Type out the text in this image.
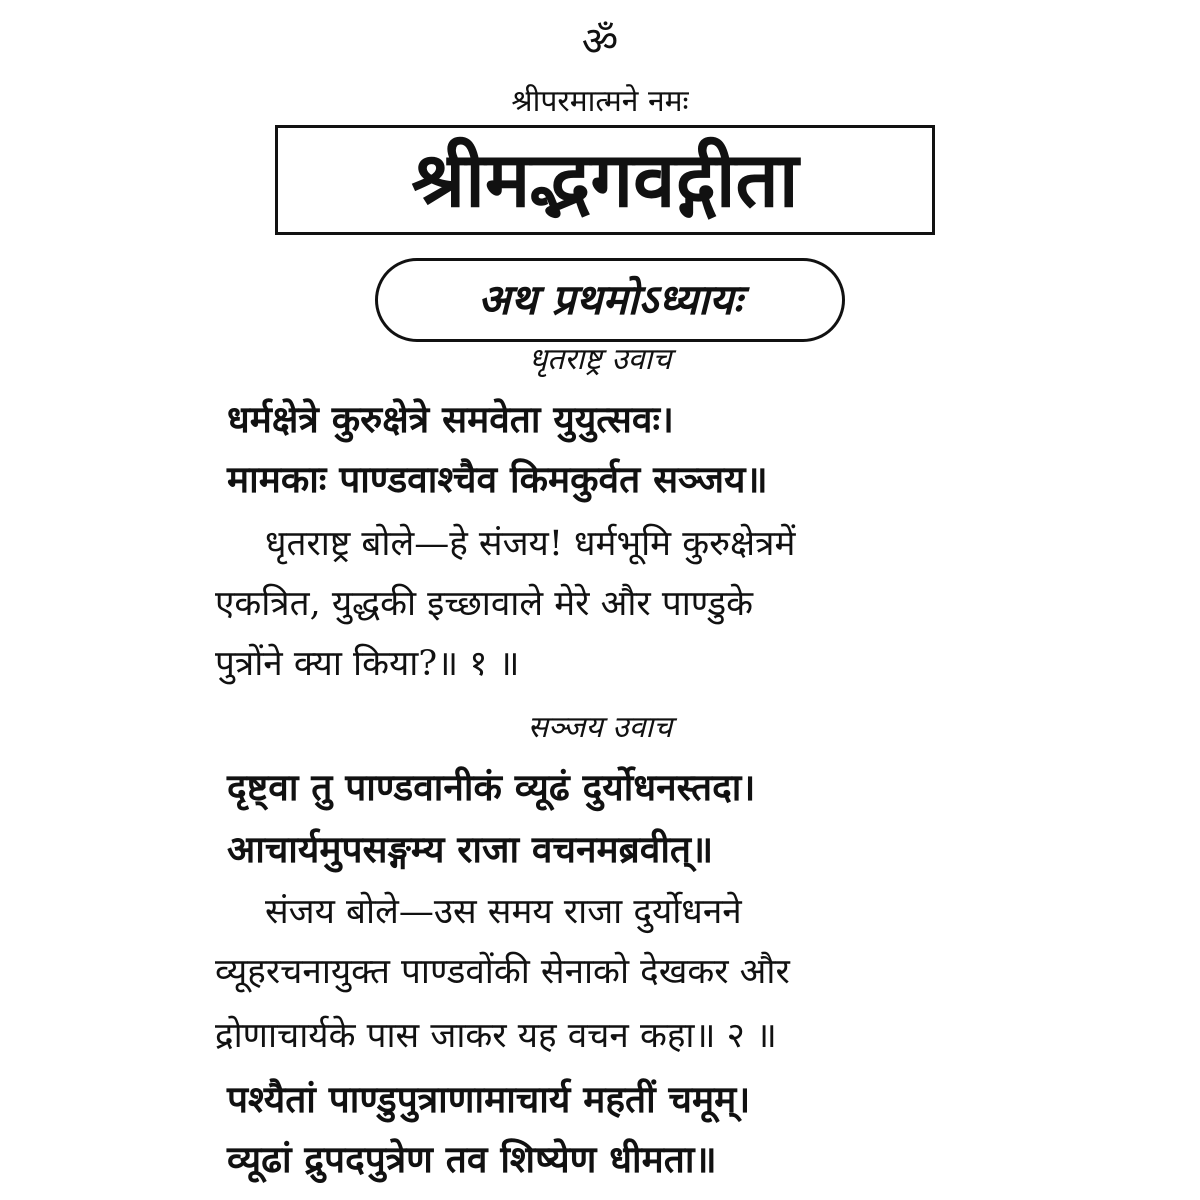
ॐ
श्रीपरमात्मने नमः
श्रीमद्भगवद्गीता
अथ प्रथमोऽध्यायः
धृतराष्ट्र उवाच
धर्मक्षेत्रे कुरुक्षेत्रे समवेता युयुत्सवः।
मामकाः पाण्डवाश्चैव किमकुर्वत सञ्जय॥
धृतराष्ट्र बोले—हे संजय! धर्मभूमि कुरुक्षेत्रमें
एकत्रित, युद्धकी इच्छावाले मेरे और पाण्डुके
पुत्रोंने क्या किया?॥ १ ॥
सञ्जय उवाच
दृष्ट्वा तु पाण्डवानीकं व्यूढं दुर्योधनस्तदा।
आचार्यमुपसङ्गम्य राजा वचनमब्रवीत्॥
संजय बोले—उस समय राजा दुर्योधनने
व्यूहरचनायुक्त पाण्डवोंकी सेनाको देखकर और
द्रोणाचार्यके पास जाकर यह वचन कहा॥ २ ॥
पश्यैतां पाण्डुपुत्राणामाचार्य महतीं चमूम्।
व्यूढां द्रुपदपुत्रेण तव शिष्येण धीमता॥
